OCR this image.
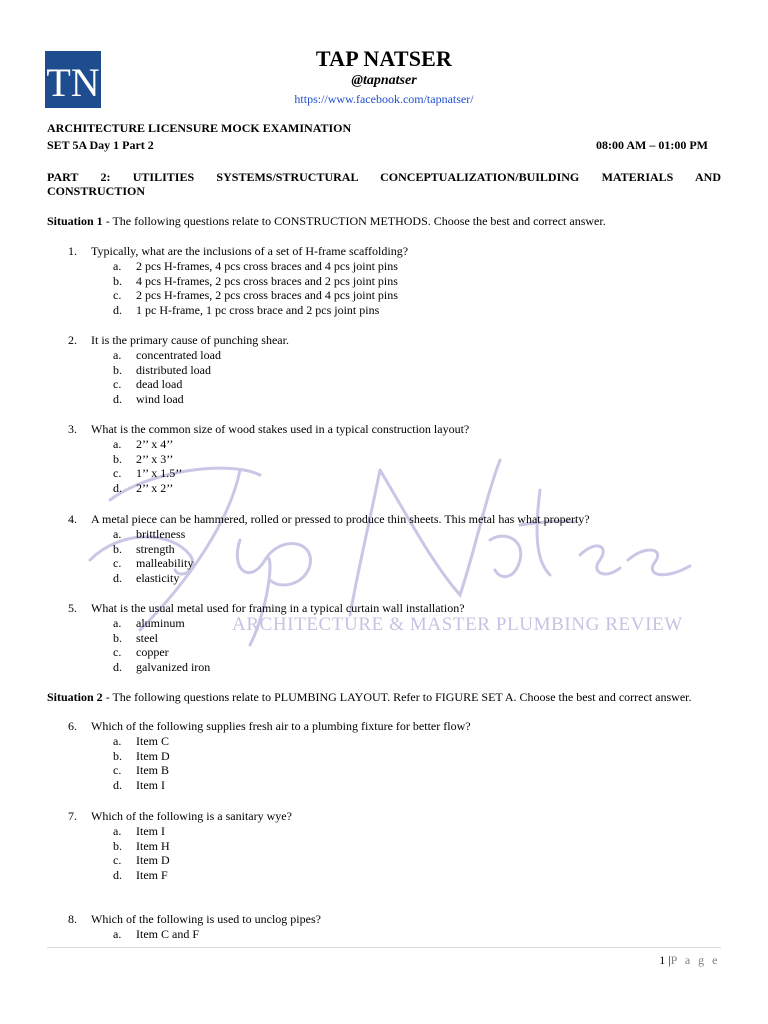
TN
TAP NATSER
@tapnatser
https://www.facebook.com/tapnatser/
ARCHITECTURE LICENSURE MOCK EXAMINATION
SET 5A Day 1 Part 2	08:00 AM – 01:00 PM
PART 2: UTILITIES SYSTEMS/STRUCTURAL CONCEPTUALIZATION/BUILDING MATERIALS AND
CONSTRUCTION
Situation 1 - The following questions relate to CONSTRUCTION METHODS. Choose the best and correct answer.
ARCHITECTURE & MASTER PLUMBING REVIEW
1. Typically, what are the inclusions of a set of H-frame scaffolding?
a. 2 pcs H-frames, 4 pcs cross braces and 4 pcs joint pins
b. 4 pcs H-frames, 2 pcs cross braces and 2 pcs joint pins
c. 2 pcs H-frames, 2 pcs cross braces and 4 pcs joint pins
d. 1 pc H-frame, 1 pc cross brace and 2 pcs joint pins
2. It is the primary cause of punching shear.
a. concentrated load
b. distributed load
c. dead load
d. wind load
3. What is the common size of wood stakes used in a typical construction layout?
a. 2’’ x 4’’
b. 2’’ x 3’’
c. 1’’ x 1.5’’
d. 2’’ x 2’’
4. A metal piece can be hammered, rolled or pressed to produce thin sheets. This metal has what property?
a. brittleness
b. strength
c. malleability
d. elasticity
5. What is the usual metal used for framing in a typical curtain wall installation?
a. aluminum
b. steel
c. copper
d. galvanized iron
6. Which of the following supplies fresh air to a plumbing fixture for better flow?
a. Item C
b. Item D
c. Item B
d. Item I
7. Which of the following is a sanitary wye?
a. Item I
b. Item H
c. Item D
d. Item F
8. Which of the following is used to unclog pipes?
a. Item C and F
Situation 2 - The following questions relate to PLUMBING LAYOUT. Refer to FIGURE SET A. Choose the best and correct answer.
1 |P a g e
